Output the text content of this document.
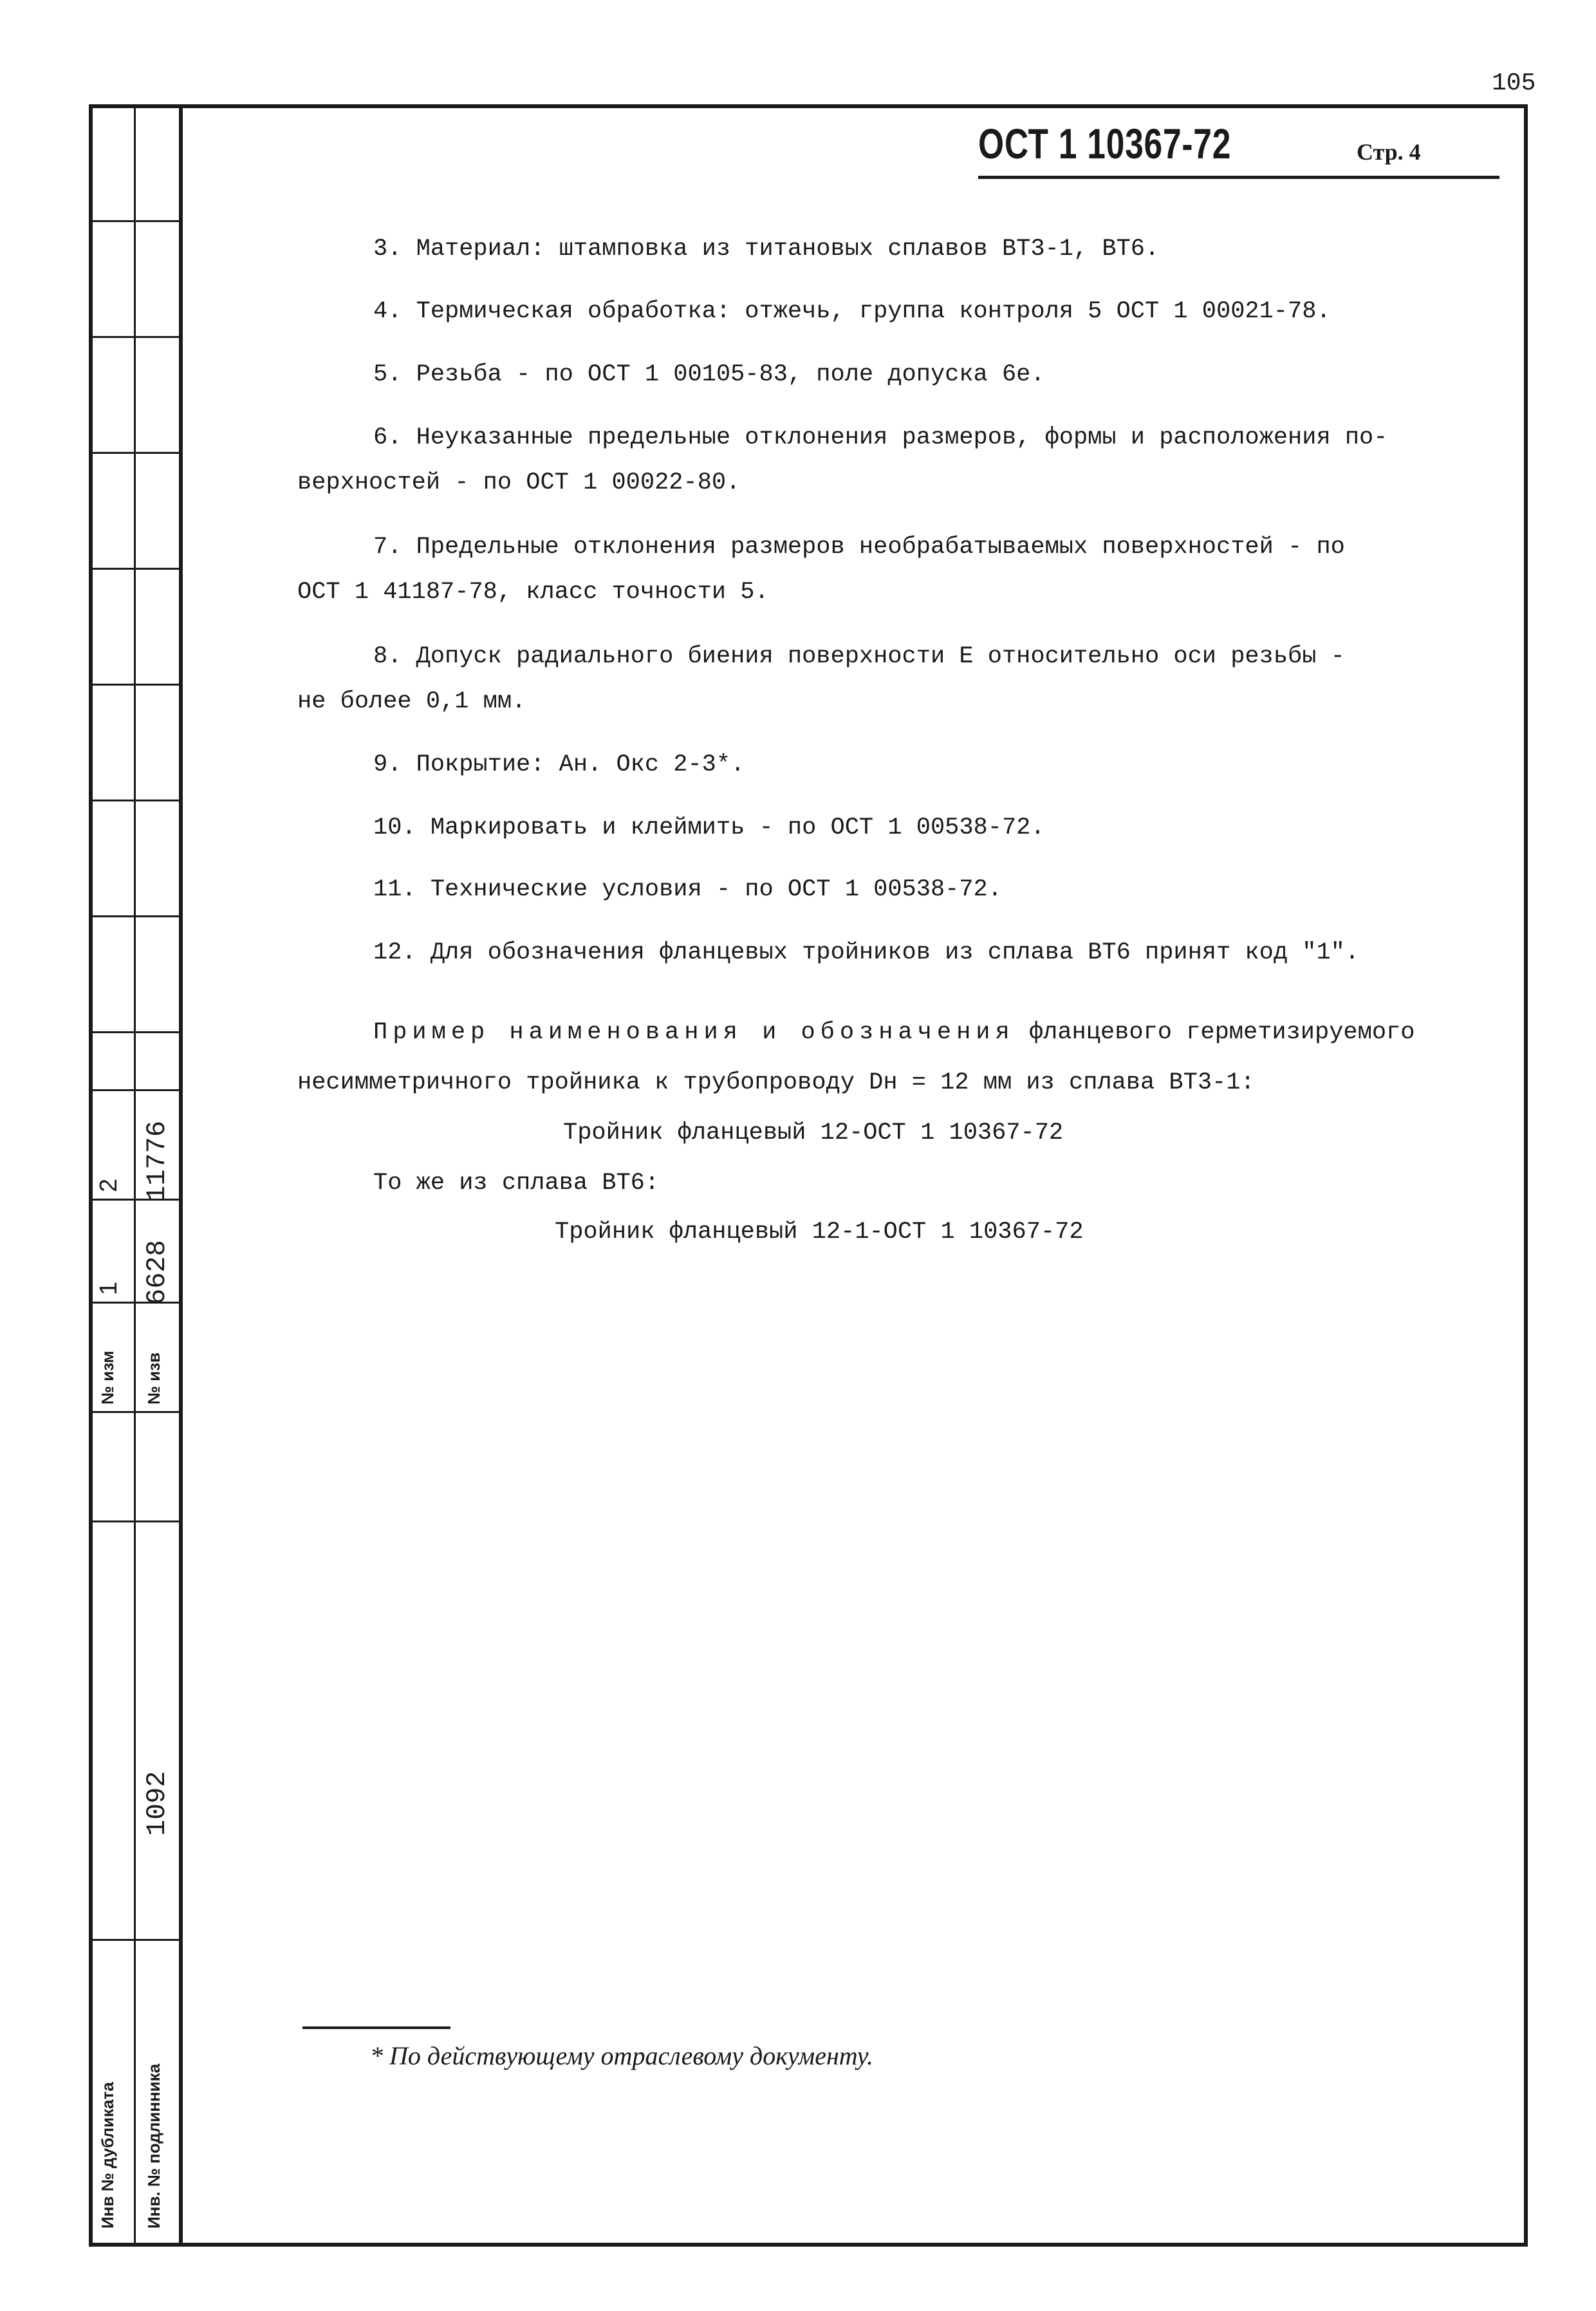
105
2 11776
1 6628
№ изм № изв
1092
Инв № дубликата Инв. № подлинника
ОСТ 1 10367-72	Стр. 4
3. Материал: штамповка из титановых сплавов ВТ3-1, ВТ6.
4. Термическая обработка: отжечь, группа контроля 5 ОСТ 1 00021-78.
5. Резьба - по ОСТ 1 00105-83, поле допуска 6е.
6. Неуказанные предельные отклонения размеров, формы и расположения по-
верхностей - по ОСТ 1 00022-80.
7. Предельные отклонения размеров необрабатываемых поверхностей - по
ОСТ 1 41187-78, класс точности 5.
8. Допуск радиального биения поверхности Е относительно оси резьбы -
не более 0,1 мм.
9. Покрытие: Ан. Окс 2-3*.
10. Маркировать и клеймить - по ОСТ 1 00538-72.
11. Технические условия - по ОСТ 1 00538-72.
12. Для обозначения фланцевых тройников из сплава ВТ6 принят код "1".
Пример наименования и обозначения фланцевого герметизируемого
несимметричного тройника к трубопроводу Dн = 12 мм из сплава ВТ3-1:
Тройник фланцевый 12-ОСТ 1 10367-72
То же из сплава ВТ6:
Тройник фланцевый 12-1-ОСТ 1 10367-72
* По действующему отраслевому документу.
